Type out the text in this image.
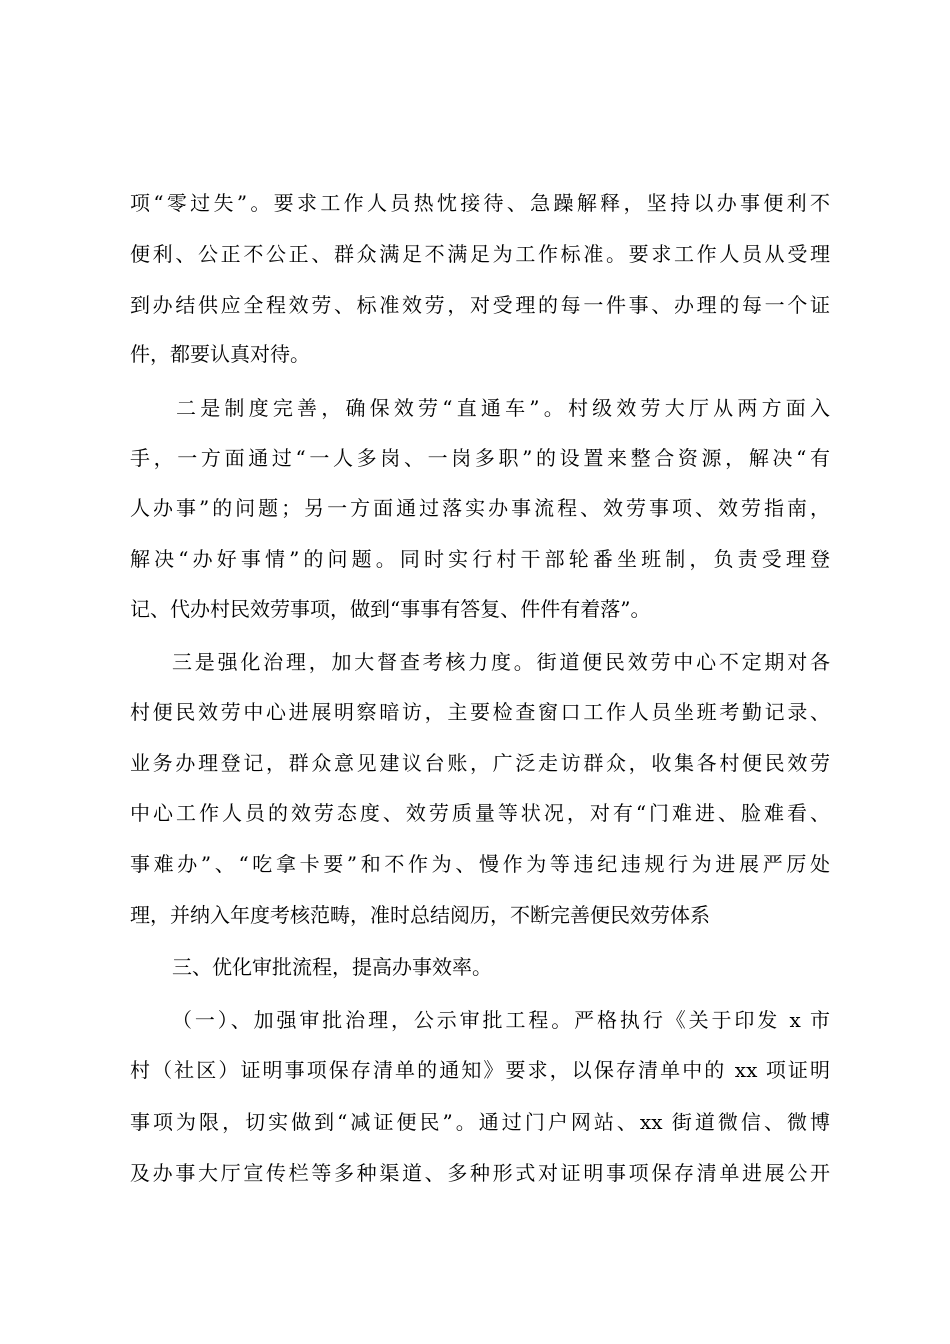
项“零过失”。要求工作人员热忱接待、急躁解释，坚持以办事便利不
便利、公正不公正、群众满足不满足为工作标准。要求工作人员从受理
到办结供应全程效劳、标准效劳，对受理的每一件事、办理的每一个证
件，都要认真对待。
二是制度完善，确保效劳“直通车”。村级效劳大厅从两方面入
手，一方面通过“一人多岗、一岗多职”的设置来整合资源，解决“有
人办事”的问题；另一方面通过落实办事流程、效劳事项、效劳指南，
解决“办好事情”的问题。同时实行村干部轮番坐班制，负责受理登
记、代办村民效劳事项，做到“事事有答复、件件有着落”。
三是强化治理，加大督查考核力度。街道便民效劳中心不定期对各
村便民效劳中心进展明察暗访，主要检查窗口工作人员坐班考勤记录、
业务办理登记，群众意见建议台账，广泛走访群众，收集各村便民效劳
中心工作人员的效劳态度、效劳质量等状况，对有“门难进、脸难看、
事难办”、“吃拿卡要”和不作为、慢作为等违纪违规行为进展严厉处
理，并纳入年度考核范畴，准时总结阅历，不断完善便民效劳体系
三、优化审批流程，提高办事效率。
（一）、加强审批治理，公示审批工程。严格执行《关于印发 x 市
村（社区）证明事项保存清单的通知》要求，以保存清单中的 xx 项证明
事项为限，切实做到“减证便民”。通过门户网站、xx 街道微信、微博
及办事大厅宣传栏等多种渠道、多种形式对证明事项保存清单进展公开
